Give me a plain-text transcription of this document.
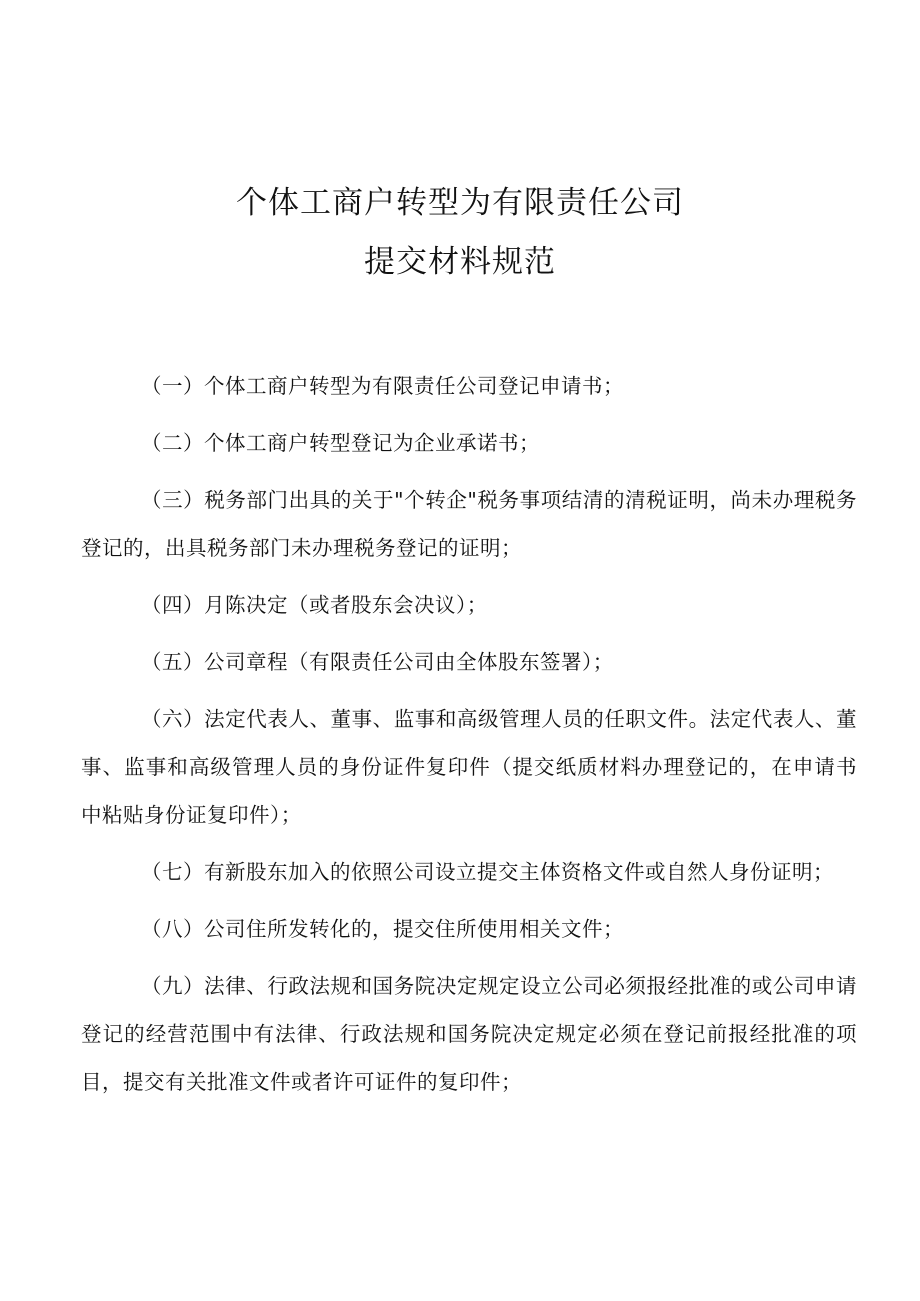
个体工商户转型为有限责任公司
提交材料规范

（一）个体工商户转型为有限责任公司登记申请书；

（二）个体工商户转型登记为企业承诺书；

（三）税务部门出具的关于"个转企"税务事项结清的清税证明，尚未办理税务登记的，出具税务部门未办理税务登记的证明；

（四）月陈决定（或者股东会决议）；

（五）公司章程（有限责任公司由全体股东签署）；

（六）法定代表人、董事、监事和高级管理人员的任职文件。法定代表人、董事、监事和高级管理人员的身份证件复印件（提交纸质材料办理登记的，在申请书中粘贴身份证复印件）；

（七）有新股东加入的依照公司设立提交主体资格文件或自然人身份证明；

（八）公司住所发转化的，提交住所使用相关文件；

（九）法律、行政法规和国务院决定规定设立公司必须报经批准的或公司申请登记的经营范围中有法律、行政法规和国务院决定规定必须在登记前报经批准的项目，提交有关批准文件或者许可证件的复印件；
